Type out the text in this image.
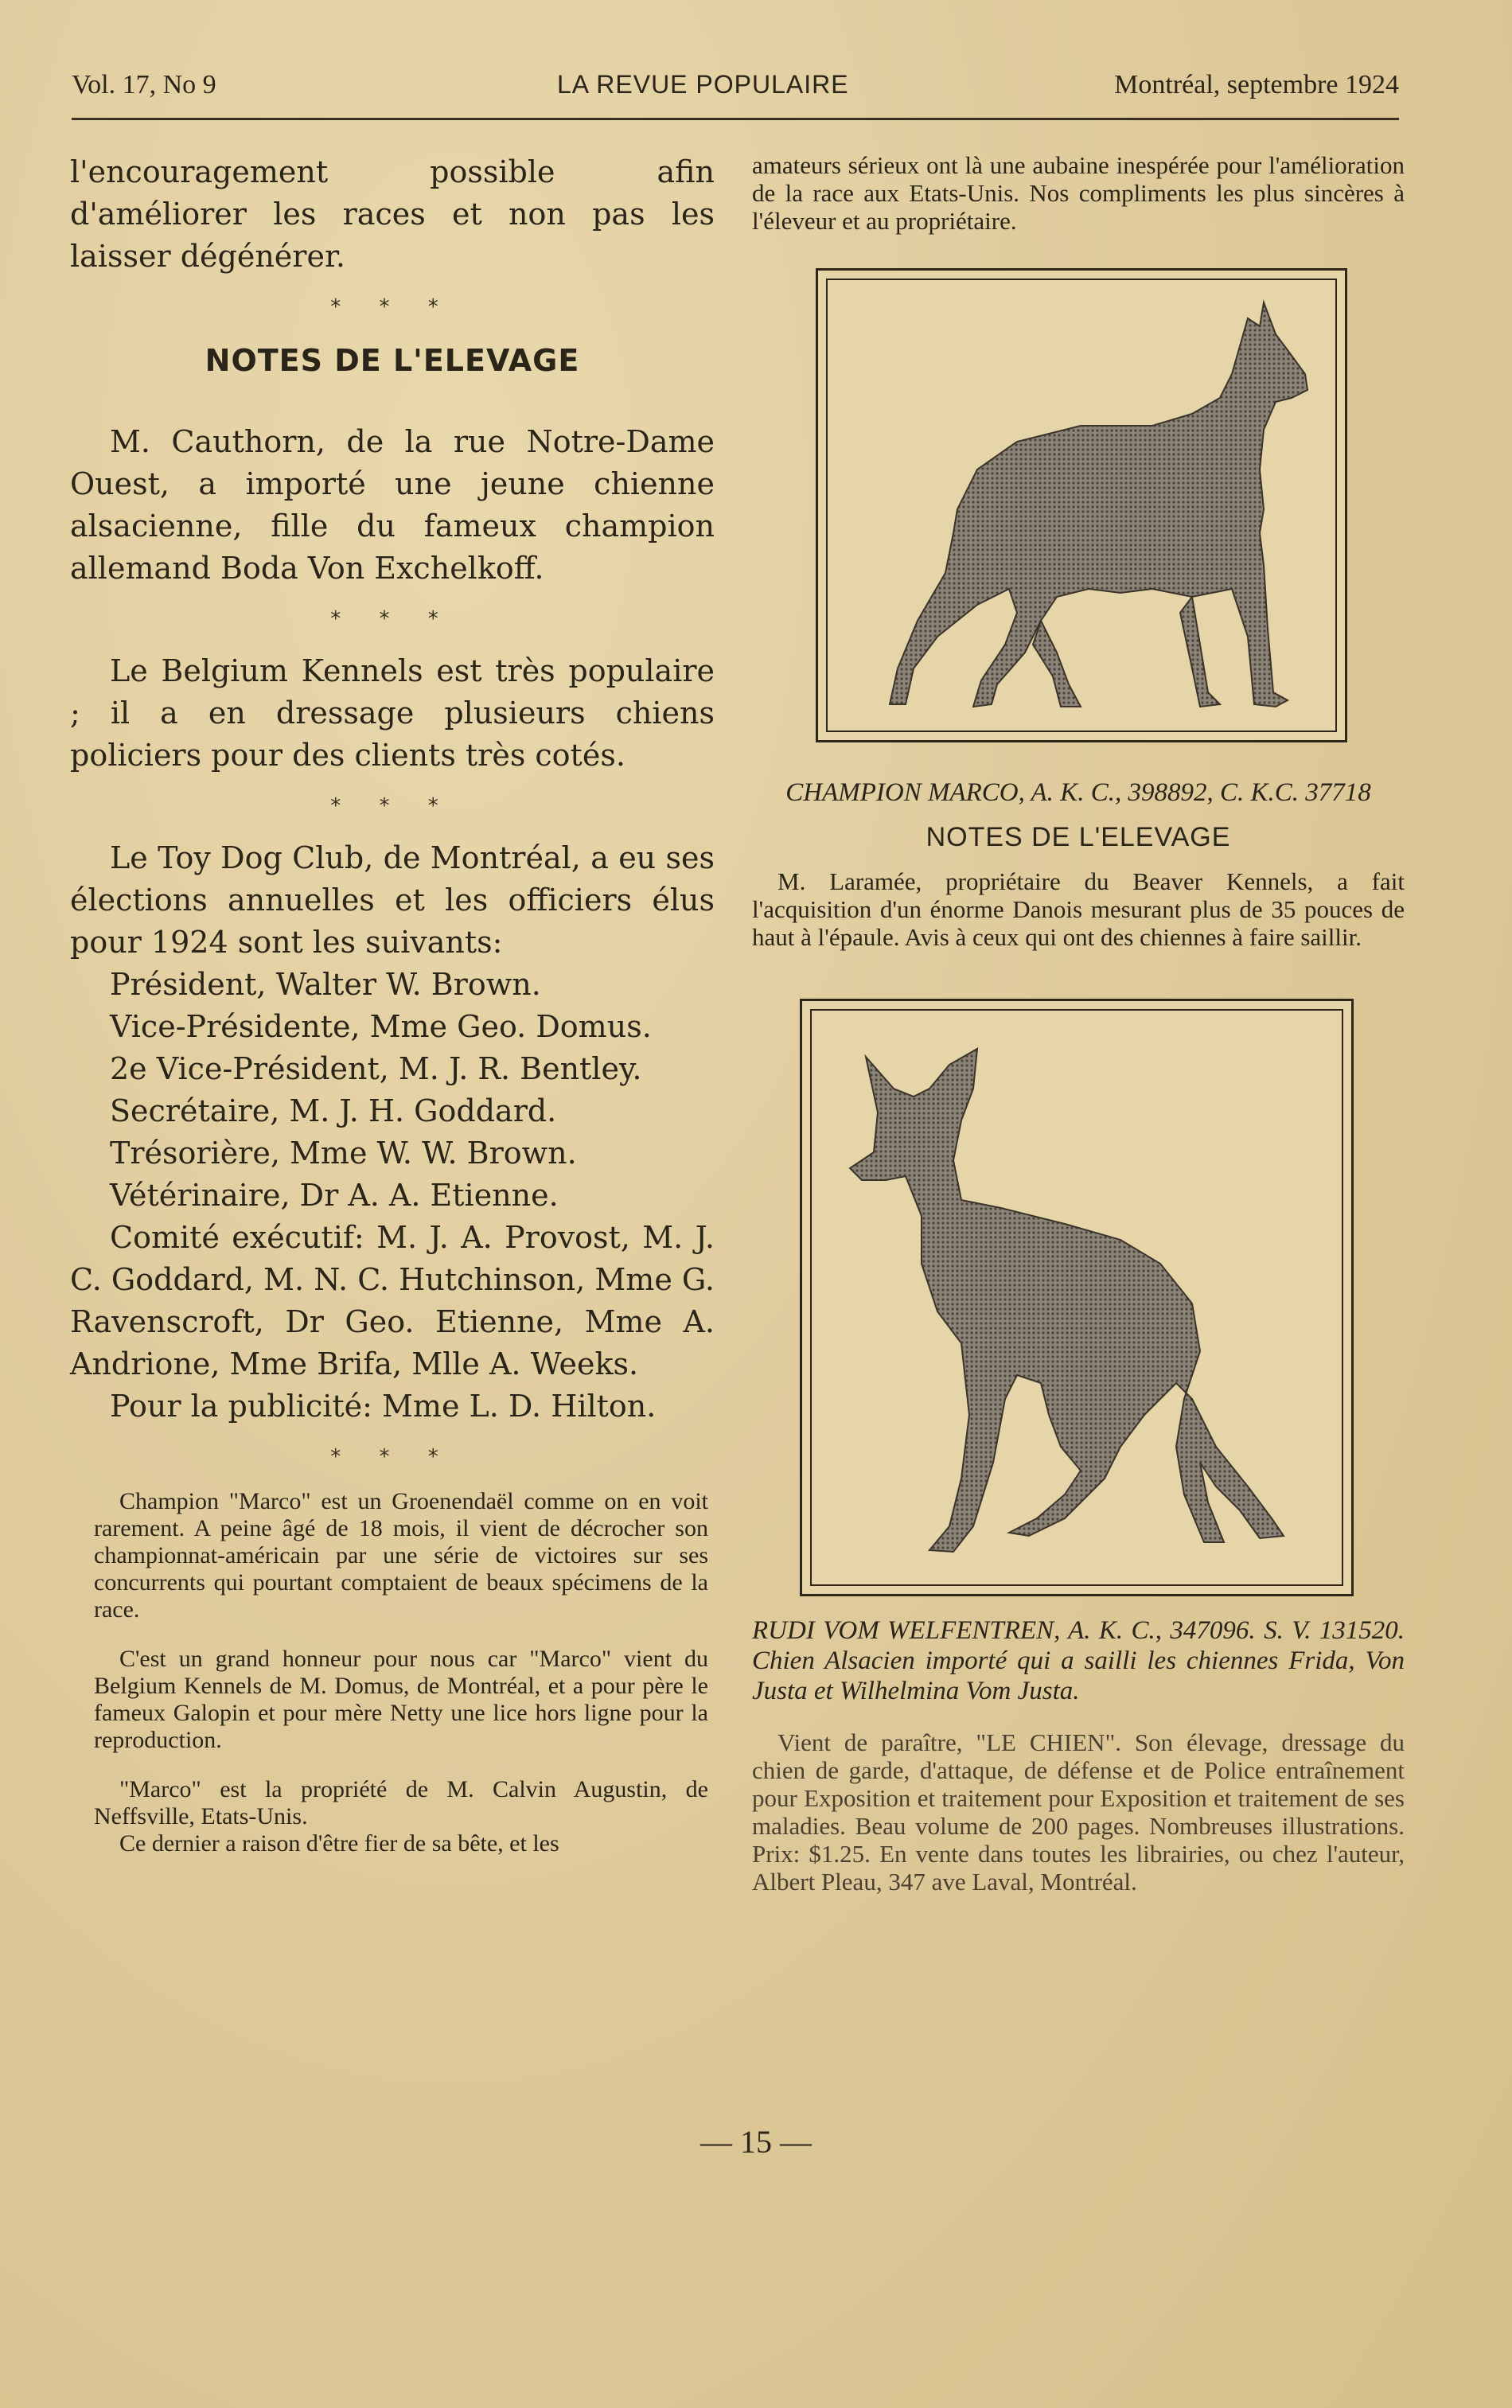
Vol. 17, No 9	LA REVUE POPULAIRE	Montréal, septembre 1924

l'encouragement possible afin d'améliorer les races et non pas les laisser dégénérer.

* * *
NOTES DE L'ELEVAGE

M. Cauthorn, de la rue Notre-Dame Ouest, a importé une jeune chienne alsacienne, fille du fameux champion allemand Boda Von Exchelkoff.

* * *

Le Belgium Kennels est très populaire ; il a en dressage plusieurs chiens policiers pour des clients très cotés.

* * *

Le Toy Dog Club, de Montréal, a eu ses élections annuelles et les officiers élus pour 1924 sont les suivants:

Président, Walter W. Brown.

Vice-Présidente, Mme Geo. Domus.

2e Vice-Président, M. J. R. Bentley.

Secrétaire, M. J. H. Goddard.

Trésorière, Mme W. W. Brown.

Vétérinaire, Dr A. A. Etienne.

Comité exécutif: M. J. A. Provost, M. J. C. Goddard, M. N. C. Hutchinson, Mme G. Ravenscroft, Dr Geo. Etienne, Mme A. Andrione, Mme Brifa, Mlle A. Weeks.

Pour la publicité: Mme L. D. Hilton.

* * *

Champion "Marco" est un Groenendaël comme on en voit rarement. A peine âgé de 18 mois, il vient de décrocher son championnat-américain par une série de victoires sur ses concurrents qui pourtant comptaient de beaux spécimens de la race.

C'est un grand honneur pour nous car "Marco" vient du Belgium Kennels de M. Domus, de Montréal, et a pour père le fameux Galopin et pour mère Netty une lice hors ligne pour la reproduction.

"Marco" est la propriété de M. Calvin Augustin, de Neffsville, Etats-Unis.

Ce dernier a raison d'être fier de sa bête, et les

amateurs sérieux ont là une aubaine inespérée pour l'amélioration de la race aux Etats-Unis. Nos compliments les plus sincères à l'éleveur et au propriétaire.

CHAMPION MARCO, A. K. C., 398892, C. K.C. 37718

NOTES DE L'ELEVAGE

M. Laramée, propriétaire du Beaver Kennels, a fait l'acquisition d'un énorme Danois mesurant plus de 35 pouces de haut à l'épaule. Avis à ceux qui ont des chiennes à faire saillir.

RUDI VOM WELFENTREN, A. K. C., 347096. S. V. 131520. Chien Alsacien importé qui a sailli les chiennes Frida, Von Justa et Wilhelmina Vom Justa.

Vient de paraître, "LE CHIEN". Son élevage, dressage du chien de garde, d'attaque, de défense et de Police entraînement pour Exposition et traitement pour Exposition et traitement de ses maladies. Beau volume de 200 pages. Nombreuses illustrations. Prix: $1.25. En vente dans toutes les librairies, ou chez l'auteur, Albert Pleau, 347 ave Laval, Montréal.

— 15 —
